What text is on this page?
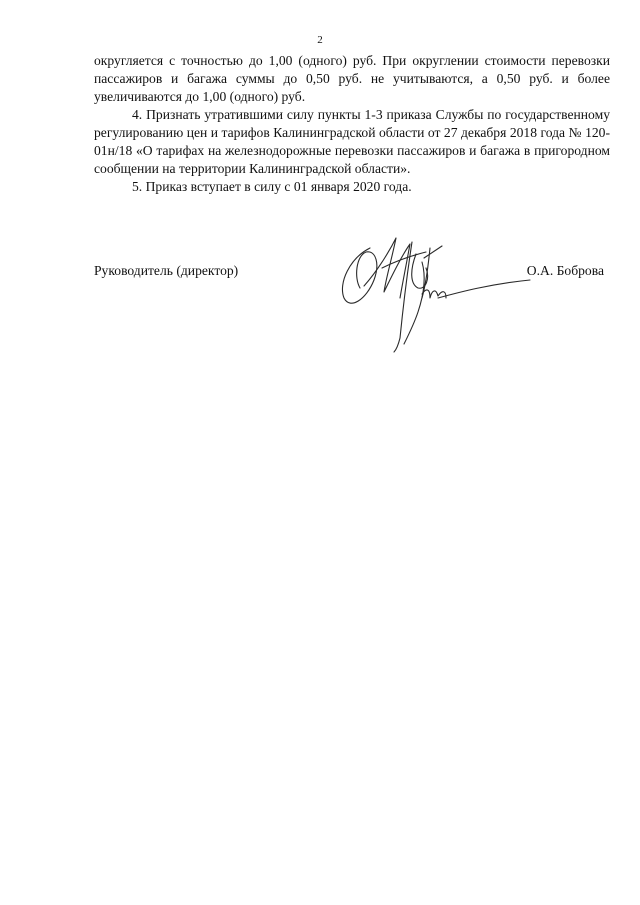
2

округляется с точностью до 1,00 (одного) руб. При округлении стоимости перевозки пассажиров и багажа суммы до 0,50 руб. не учитываются, а 0,50 руб. и более увеличиваются до 1,00 (одного) руб.

4. Признать утратившими силу пункты 1-3 приказа Службы по государственному регулированию цен и тарифов Калининградской области от 27 декабря 2018 года № 120-01н/18 «О тарифах на железнодорожные перевозки пассажиров и багажа в пригородном сообщении на территории Калининградской области».

5. Приказ вступает в силу с 01 января 2020 года.

Руководитель (директор)	О.А. Боброва
